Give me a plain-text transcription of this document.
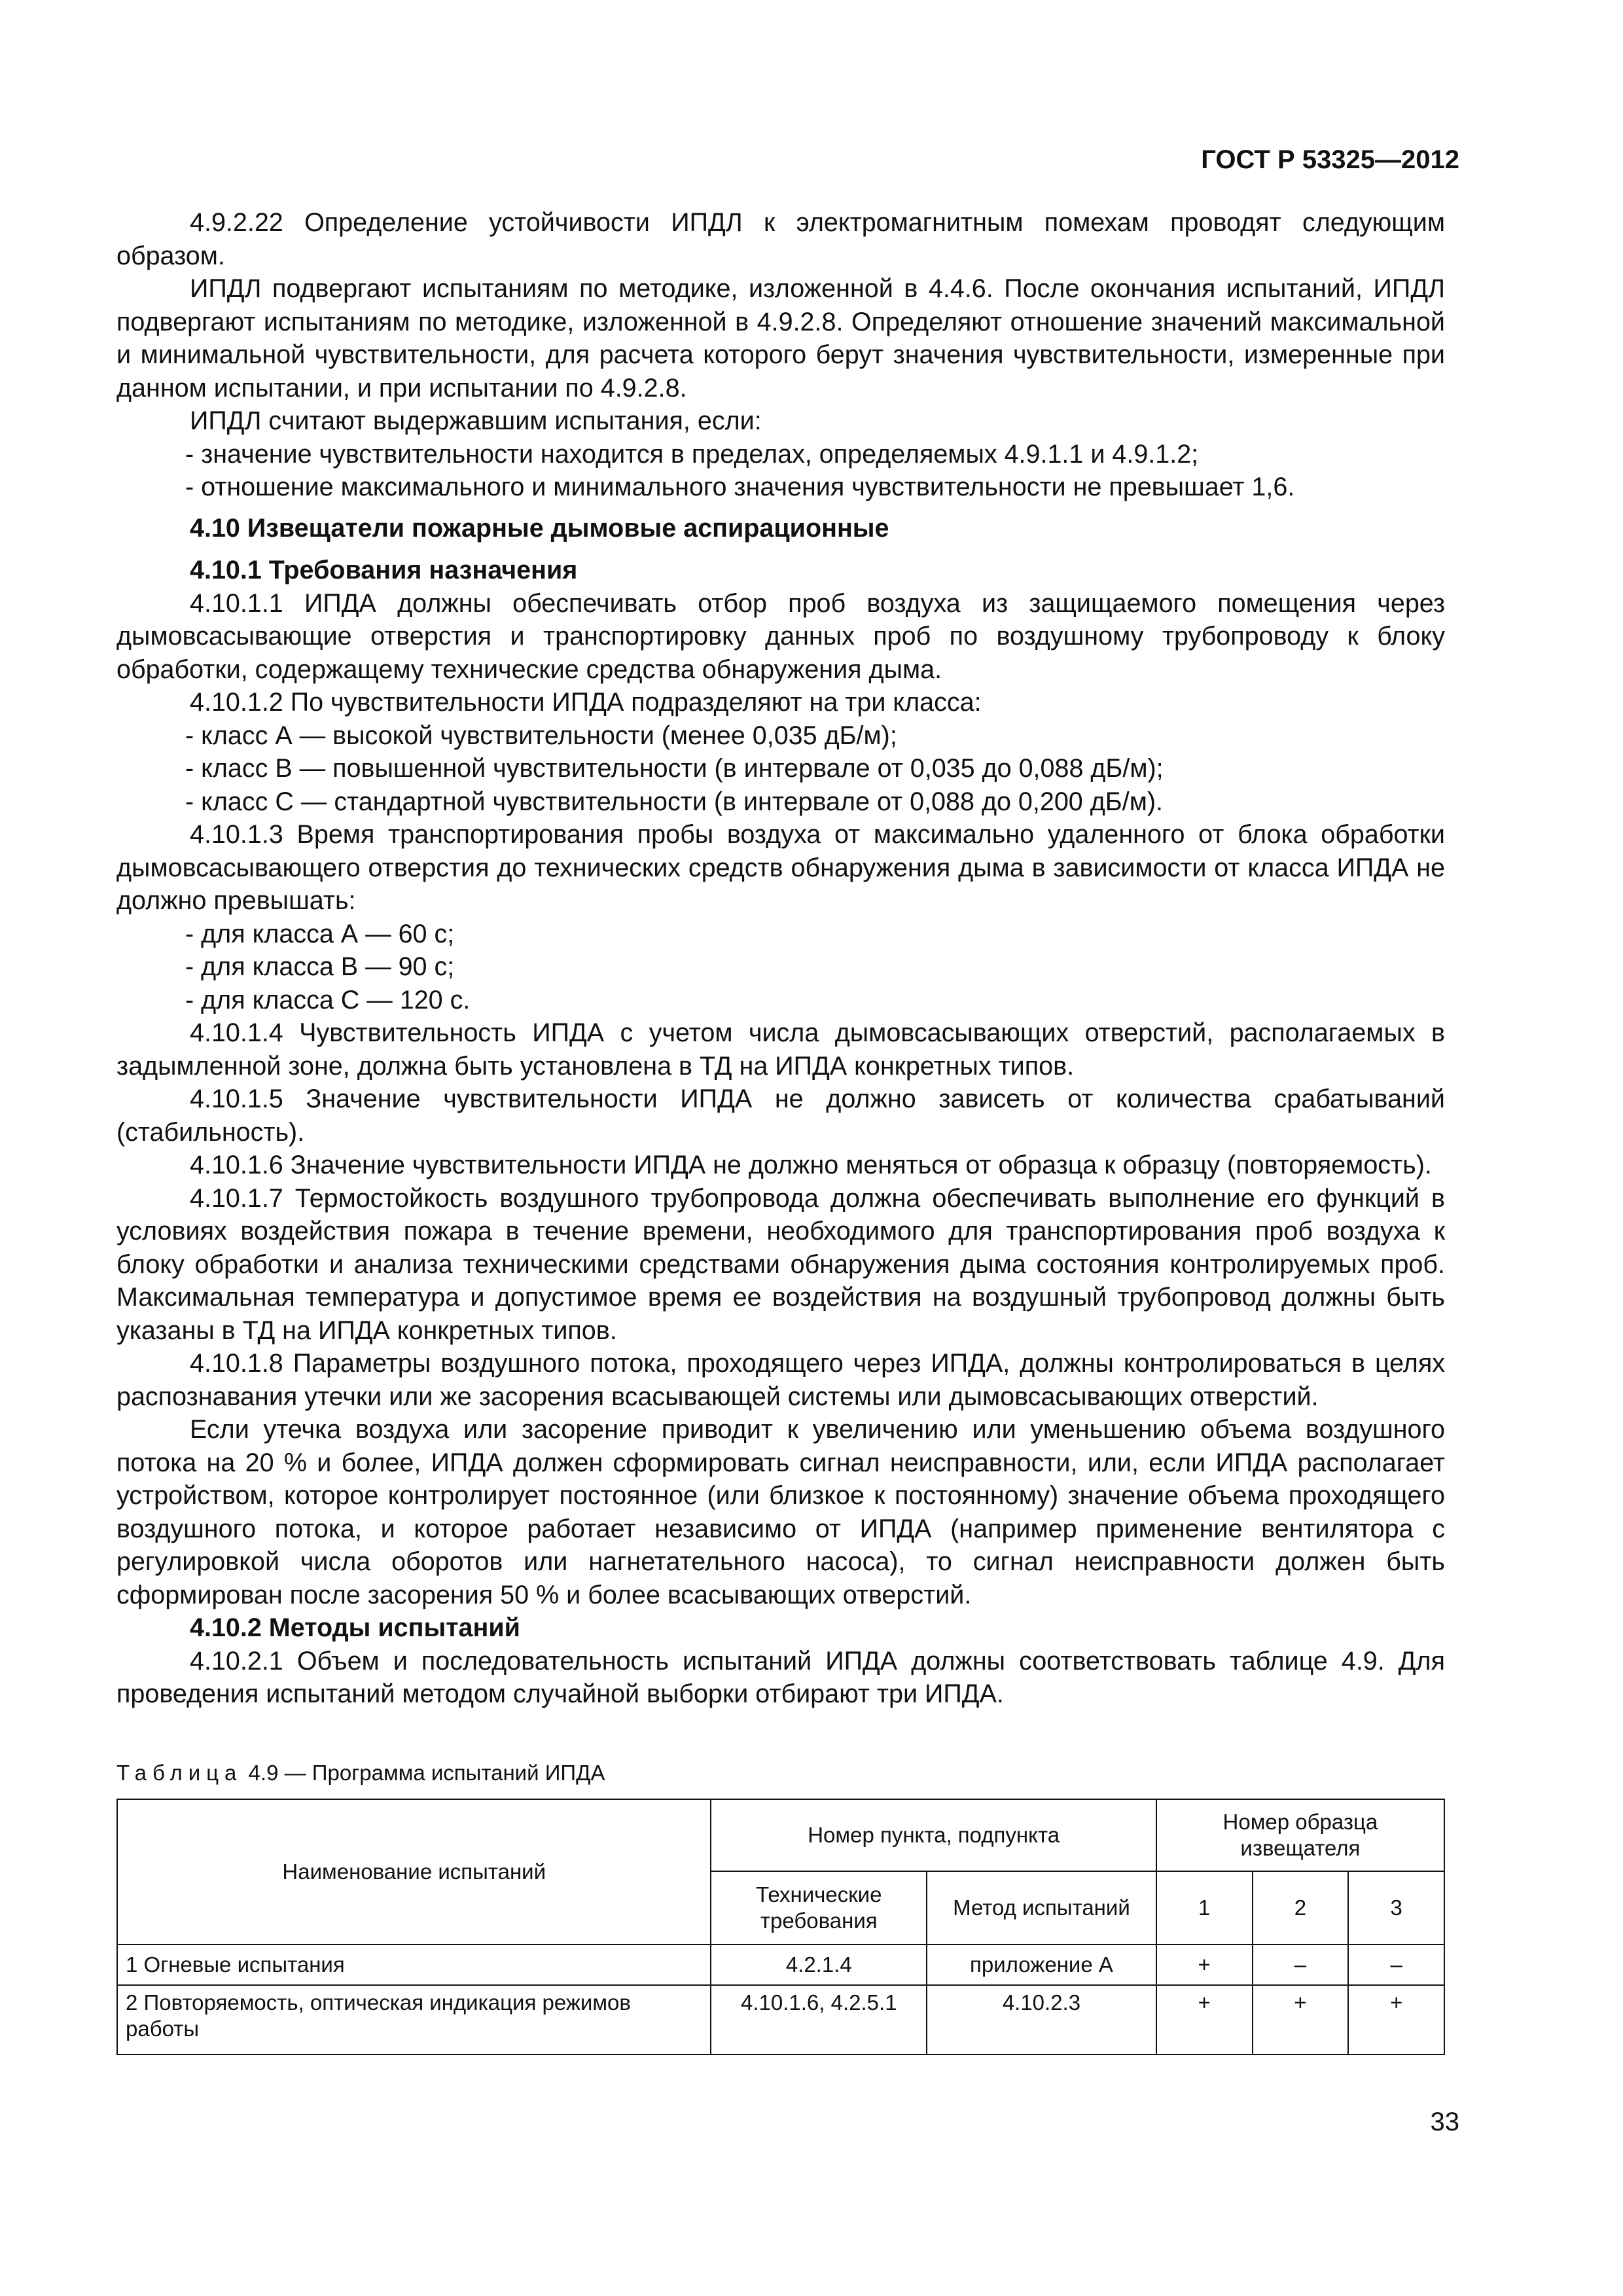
ГОСТ Р 53325—2012

4.9.2.22 Определение устойчивости ИПДЛ к электромагнитным помехам проводят следующим образом.

ИПДЛ подвергают испытаниям по методике, изложенной в 4.4.6. После окончания испытаний, ИПДЛ подвергают испытаниям по методике, изложенной в 4.9.2.8. Определяют отношение значений максимальной и минимальной чувствительности, для расчета которого берут значения чувствительности, измеренные при данном испытании, и при испытании по 4.9.2.8.

ИПДЛ считают выдержавшим испытания, если:

- значение чувствительности находится в пределах, определяемых 4.9.1.1 и 4.9.1.2;

- отношение максимального и минимального значения чувствительности не превышает 1,6.

4.10 Извещатели пожарные дымовые аспирационные

4.10.1 Требования назначения

4.10.1.1 ИПДА должны обеспечивать отбор проб воздуха из защищаемого помещения через дымовсасывающие отверстия и транспортировку данных проб по воздушному трубопроводу к блоку обработки, содержащему технические средства обнаружения дыма.

4.10.1.2 По чувствительности ИПДА подразделяют на три класса:

- класс А — высокой чувствительности (менее 0,035 дБ/м);

- класс В — повышенной чувствительности (в интервале от 0,035 до 0,088 дБ/м);

- класс С — стандартной чувствительности (в интервале от 0,088 до 0,200 дБ/м).

4.10.1.3 Время транспортирования пробы воздуха от максимально удаленного от блока обработки дымовсасывающего отверстия до технических средств обнаружения дыма в зависимости от класса ИПДА не должно превышать:

- для класса А — 60 с;

- для класса В — 90 с;

- для класса С — 120 с.

4.10.1.4 Чувствительность ИПДА с учетом числа дымовсасывающих отверстий, располагаемых в задымленной зоне, должна быть установлена в ТД на ИПДА конкретных типов.

4.10.1.5 Значение чувствительности ИПДА не должно зависеть от количества срабатываний (стабильность).

4.10.1.6 Значение чувствительности ИПДА не должно меняться от образца к образцу (повторяемость).

4.10.1.7 Термостойкость воздушного трубопровода должна обеспечивать выполнение его функций в условиях воздействия пожара в течение времени, необходимого для транспортирования проб воздуха к блоку обработки и анализа техническими средствами обнаружения дыма состояния контролируемых проб. Максимальная температура и допустимое время ее воздействия на воздушный трубопровод должны быть указаны в ТД на ИПДА конкретных типов.

4.10.1.8 Параметры воздушного потока, проходящего через ИПДА, должны контролироваться в целях распознавания утечки или же засорения всасывающей системы или дымовсасывающих отверстий.

Если утечка воздуха или засорение приводит к увеличению или уменьшению объема воздушного потока на 20 % и более, ИПДА должен сформировать сигнал неисправности, или, если ИПДА располагает устройством, которое контролирует постоянное (или близкое к постоянному) значение объема проходящего воздушного потока, и которое работает независимо от ИПДА (например применение вентилятора с регулировкой числа оборотов или нагнетательного насоса), то сигнал неисправности должен быть сформирован после засорения 50 % и более всасывающих отверстий.

4.10.2 Методы испытаний

4.10.2.1 Объем и последовательность испытаний ИПДА должны соответствовать таблице 4.9. Для проведения испытаний методом случайной выборки отбирают три ИПДА.

Таблица 4.9 — Программа испытаний ИПДА
Наименование испытаний	Номер пункта, подпункта		Номер образца извещателя		
	Технические требования	Метод испытаний	1	2	3
1 Огневые испытания	4.2.1.4	приложение А	+	–	–
2 Повторяемость, оптическая индикация режимов работы	4.10.1.6, 4.2.5.1	4.10.2.3	+	+	+
33
